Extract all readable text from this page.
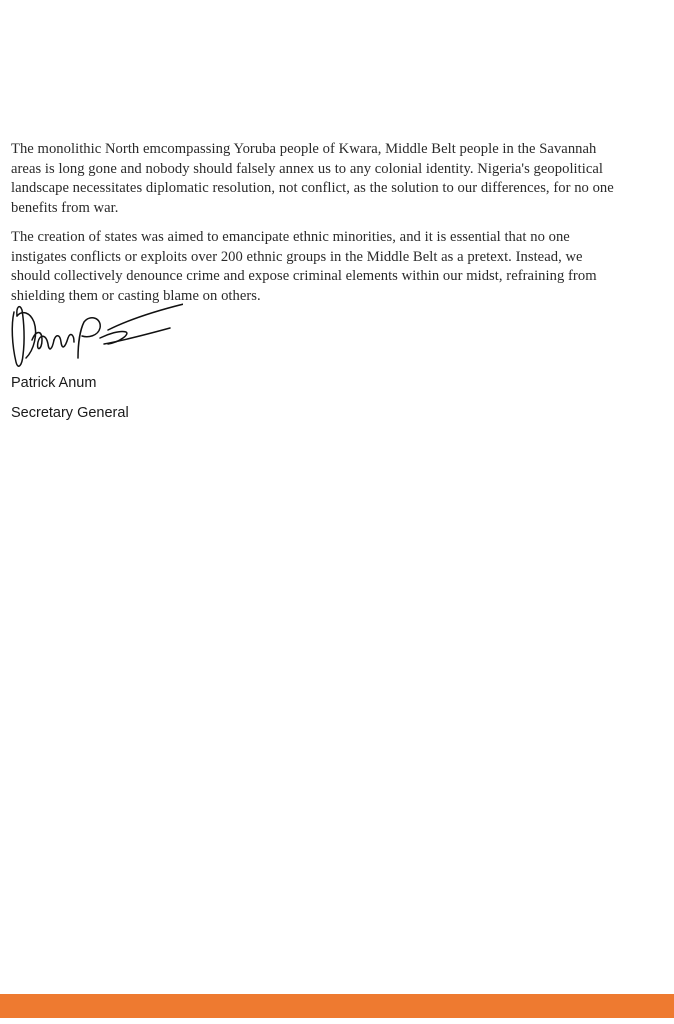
The monolithic North emcompassing Yoruba people of Kwara, Middle Belt people in the Savannah areas is long gone and nobody should falsely annex us to any colonial identity. Nigeria's geopolitical landscape necessitates diplomatic resolution, not conflict, as the solution to our differences, for no one benefits from war.

The creation of states was aimed to emancipate ethnic minorities, and it is essential that no one instigates conflicts or exploits over 200 ethnic groups in the Middle Belt as a pretext. Instead, we should collectively denounce crime and expose criminal elements within our midst, refraining from shielding them or casting blame on others.

Patrick Anum

Secretary General
